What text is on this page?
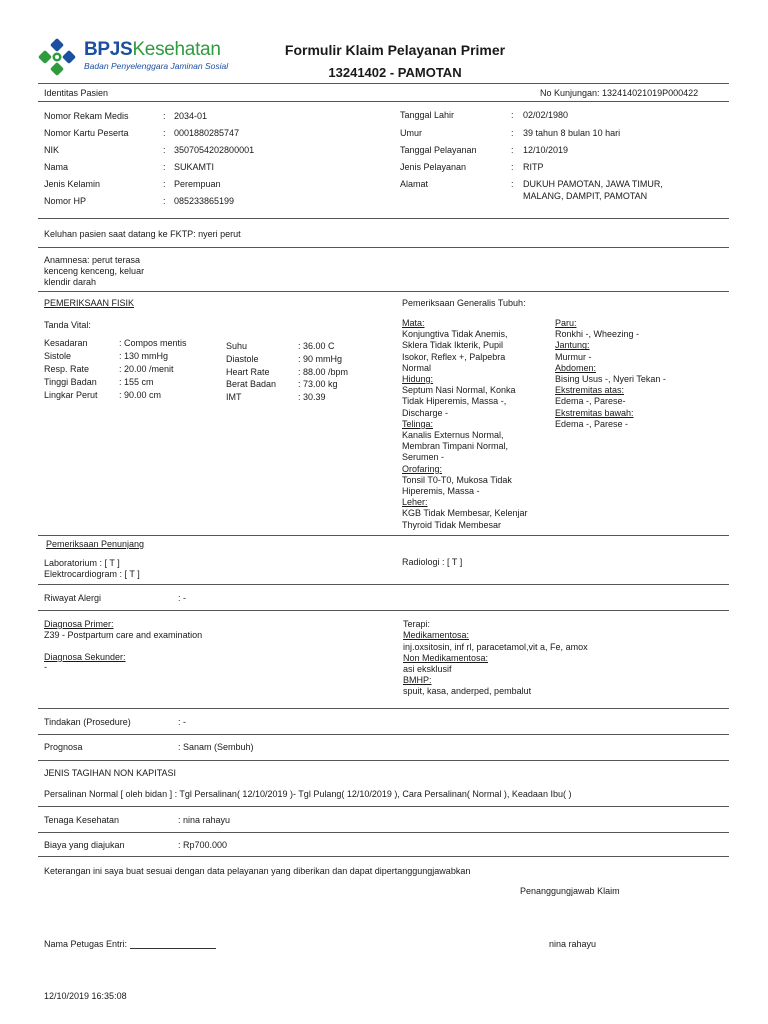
BPJSKesehatan
Badan Penyelenggara Jaminan Sosial
Formulir Klaim Pelayanan Primer
13241402 - PAMOTAN
Identitas Pasien	No Kunjungan: 132414021019P000422
Nomor Rekam Medis	: 2034-01
Nomor Kartu Peserta	: 0001880285747
NIK	: 3507054202800001
Nama	: SUKAMTI
Jenis Kelamin	: Perempuan
Nomor HP	: 085233865199
Tanggal Lahir	: 02/02/1980
Umur	: 39 tahun 8 bulan 10 hari
Tanggal Pelayanan	: 12/10/2019
Jenis Pelayanan	: RITP
Alamat	: DUKUH PAMOTAN, JAWA TIMUR,
MALANG, DAMPIT, PAMOTAN
Keluhan pasien saat datang ke FKTP: nyeri perut
Anamnesa: perut terasa
kenceng kenceng, keluar
klendir darah
PEMERIKSAAN FISIK
Tanda Vital:
Kesadaran	: Compos mentis
Sistole	: 130 mmHg
Resp. Rate	: 20.00 /menit
Tinggi Badan : 155 cm
Lingkar Perut : 90.00 cm
Suhu	: 36.00 C
Diastole	: 90 mmHg
Heart Rate	: 88.00 /bpm
Berat Badan : 73.00 kg
IMT	: 30.39
Pemeriksaan Generalis Tubuh:
Mata:
Konjungtiva Tidak Anemis,
Sklera Tidak Ikterik, Pupil
Isokor, Reflex +, Palpebra
Normal
Hidung:
Septum Nasi Normal, Konka
Tidak Hiperemis, Massa -,
Discharge -
Telinga:
Kanalis Externus Normal,
Membran Timpani Normal,
Serumen -
Orofaring:
Tonsil T0-T0, Mukosa Tidak
Hiperemis, Massa -
Leher:
KGB Tidak Membesar, Kelenjar
Thyroid Tidak Membesar
Paru:
Ronkhi -, Wheezing -
Jantung:
Murmur -
Abdomen:
Bising Usus -, Nyeri Tekan -
Ekstremitas atas:
Edema -, Parese-
Ekstremitas bawah:
Edema -, Parese -
Pemeriksaan Penunjang
Laboratorium : [ T ]
Elektrocardiogram : [ T ]
Radiologi : [ T ]
Riwayat Alergi	: -
Diagnosa Primer:
Z39 - Postpartum care and examination
Diagnosa Sekunder:
-
Terapi:
Medikamentosa:
inj.oxsitosin, inf rl, paracetamol,vit a, Fe, amox
Non Medikamentosa:
asi eksklusif
BMHP:
spuit, kasa, anderped, pembalut
Tindakan (Prosedure)	: -
Prognosa	: Sanam (Sembuh)
JENIS TAGIHAN NON KAPITASI
Persalinan Normal [ oleh bidan ] : Tgl Persalinan( 12/10/2019 )- Tgl Pulang( 12/10/2019 ), Cara Persalinan( Normal ), Keadaan Ibu( )
Tenaga Kesehatan	: nina rahayu
Biaya yang diajukan	: Rp700.000
Keterangan ini saya buat sesuai dengan data pelayanan yang diberikan dan dapat dipertanggungjawabkan
Penanggungjawab Klaim
Nama Petugas Entri:	nina rahayu
12/10/2019 16:35:08
